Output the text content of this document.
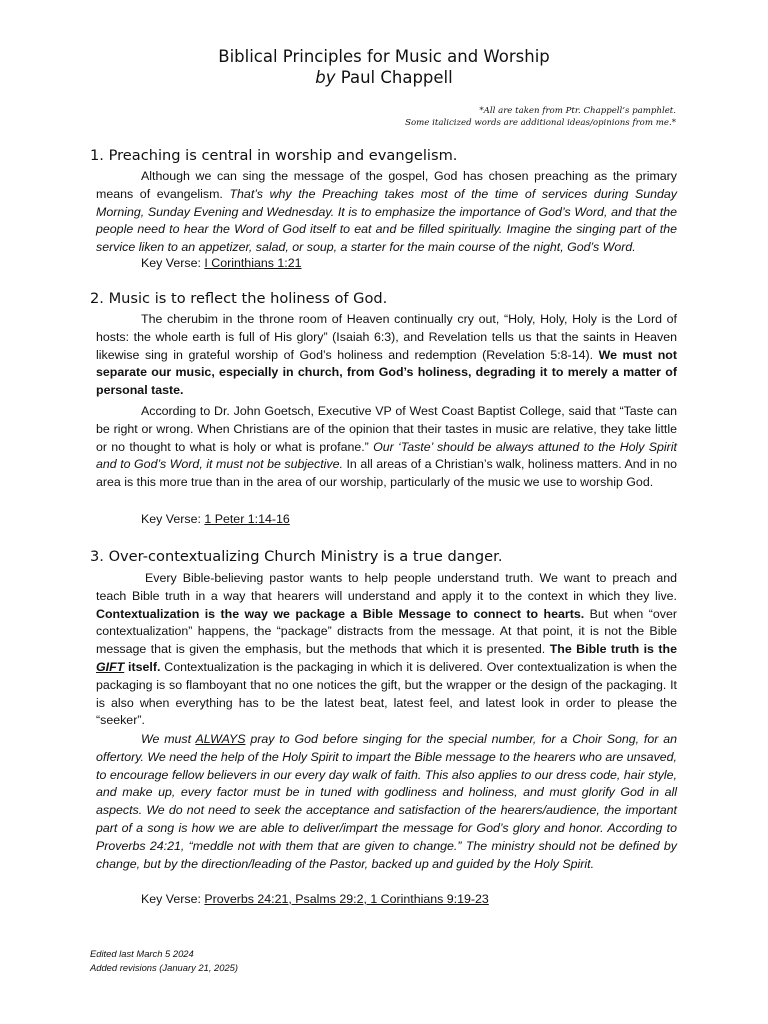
Biblical Principles for Music and Worship
by Paul Chappell
*All are taken from Ptr. Chappell’s pamphlet.
Some italicized words are additional ideas/opinions from me.*
1. Preaching is central in worship and evangelism.

Although we can sing the message of the gospel, God has chosen preaching as the primary means of evangelism. That’s why the Preaching takes most of the time of services during Sunday Morning, Sunday Evening and Wednesday. It is to emphasize the importance of God’s Word, and that the people need to hear the Word of God itself to eat and be filled spiritually. Imagine the singing part of the service liken to an appetizer, salad, or soup, a starter for the main course of the night, God’s Word.

Key Verse: I Corinthians 1:21
2. Music is to reflect the holiness of God.

The cherubim in the throne room of Heaven continually cry out, “Holy, Holy, Holy is the Lord of hosts: the whole earth is full of His glory” (Isaiah 6:3), and Revelation tells us that the saints in Heaven likewise sing in grateful worship of God’s holiness and redemption (Revelation 5:8-14). We must not separate our music, especially in church, from God’s holiness, degrading it to merely a matter of personal taste.

According to Dr. John Goetsch, Executive VP of West Coast Baptist College, said that “Taste can be right or wrong. When Christians are of the opinion that their tastes in music are relative, they take little or no thought to what is holy or what is profane.” Our ‘Taste’ should be always attuned to the Holy Spirit and to God’s Word, it must not be subjective. In all areas of a Christian’s walk, holiness matters. And in no area is this more true than in the area of our worship, particularly of the music we use to worship God.

Key Verse: 1 Peter 1:14-16
3. Over-contextualizing Church Ministry is a true danger.

Every Bible-believing pastor wants to help people understand truth. We want to preach and teach Bible truth in a way that hearers will understand and apply it to the context in which they live. Contextualization is the way we package a Bible Message to connect to hearts. But when “over contextualization” happens, the “package” distracts from the message. At that point, it is not the Bible message that is given the emphasis, but the methods that which it is presented. The Bible truth is the GIFT itself. Contextualization is the packaging in which it is delivered. Over contextualization is when the packaging is so flamboyant that no one notices the gift, but the wrapper or the design of the packaging. It is also when everything has to be the latest beat, latest feel, and latest look in order to please the “seeker”.

We must ALWAYS pray to God before singing for the special number, for a Choir Song, for an offertory. We need the help of the Holy Spirit to impart the Bible message to the hearers who are unsaved, to encourage fellow believers in our every day walk of faith. This also applies to our dress code, hair style, and make up, every factor must be in tuned with godliness and holiness, and must glorify God in all aspects. We do not need to seek the acceptance and satisfaction of the hearers/audience, the important part of a song is how we are able to deliver/impart the message for God’s glory and honor. According to Proverbs 24:21, “meddle not with them that are given to change.” The ministry should not be defined by change, but by the direction/leading of the Pastor, backed up and guided by the Holy Spirit.

Key Verse: Proverbs 24:21, Psalms 29:2, 1 Corinthians 9:19-23
Edited last March 5 2024
Added revisions (January 21, 2025)
